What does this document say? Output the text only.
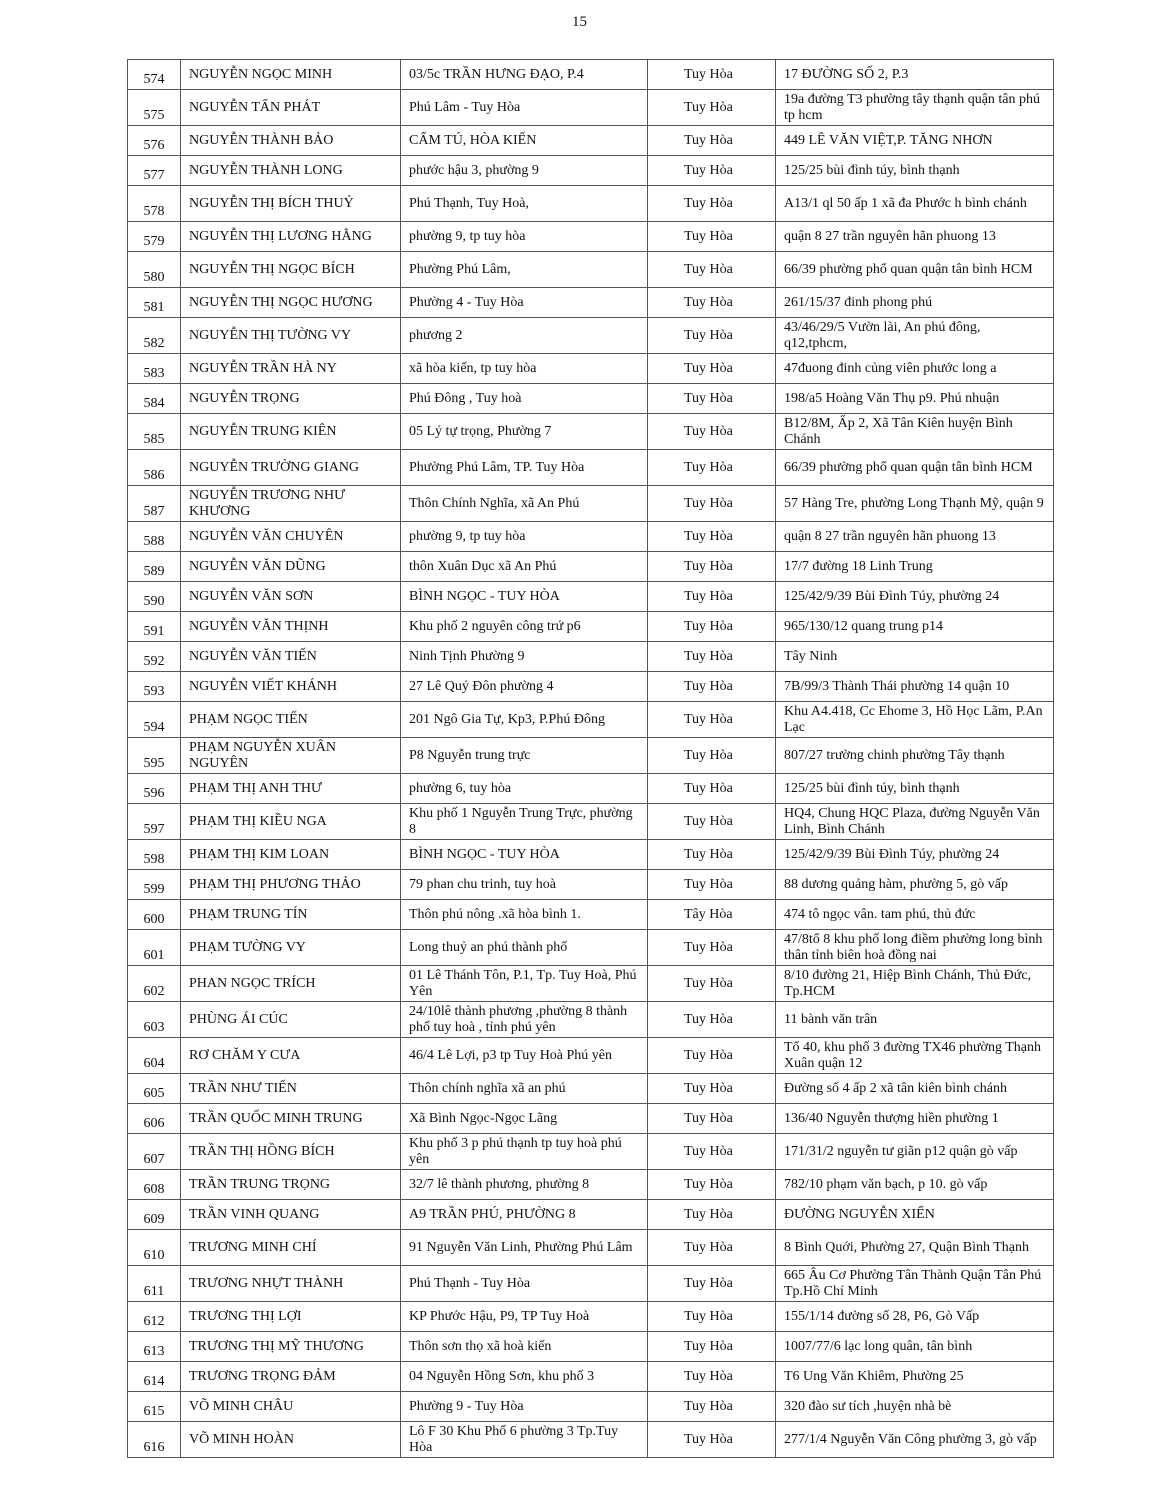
15
574	NGUYỄN NGỌC MINH	03/5c TRẦN HƯNG ĐẠO, P.4	Tuy Hòa	17 ĐƯỜNG SỐ 2, P.3
575	NGUYỄN TẤN PHÁT	Phú Lâm - Tuy Hòa	Tuy Hòa	19a đường T3 phường tây thạnh quận tân phú tp hcm
576	NGUYỄN THÀNH BẢO	CẨM TÚ, HÒA KIẾN	Tuy Hòa	449 LÊ VĂN VIỆT,P. TĂNG NHƠN
577	NGUYỄN THÀNH LONG	phước hậu 3, phường 9	Tuy Hòa	125/25 bùi đình túy, bình thạnh
578	NGUYỄN THỊ BÍCH THUỶ	Phú Thạnh, Tuy Hoà,	Tuy Hòa	A13/1 ql 50 ấp 1 xã đa Phước h bình chánh
579	NGUYỄN THỊ LƯƠNG HẰNG	phường 9, tp tuy hòa	Tuy Hòa	quận 8 27 trần nguyên hãn phuong 13
580	NGUYỄN THỊ NGỌC BÍCH	Phường Phú Lâm,	Tuy Hòa	66/39 phường phổ quan quận tân bình HCM
581	NGUYỄN THỊ NGỌC HƯƠNG	Phường 4 - Tuy Hòa	Tuy Hòa	261/15/37 đinh phong phú
582	NGUYỄN THỊ TƯỜNG VY	phương 2	Tuy Hòa	43/46/29/5 Vườn lài, An phú đông, q12,tphcm,
583	NGUYỄN TRẦN HÀ NY	xã hòa kiến, tp tuy hòa	Tuy Hòa	47đuong đinh củng viên phước long a
584	NGUYỄN TRỌNG	Phú Đông , Tuy hoà	Tuy Hòa	198/a5 Hoàng Văn Thụ p9. Phú nhuận
585	NGUYỄN TRUNG KIÊN	05 Lý tự trọng, Phường 7	Tuy Hòa	B12/8M, Ấp 2, Xã Tân Kiên huyện Bình Chánh
586	NGUYỄN TRƯỜNG GIANG	Phường Phú Lâm, TP. Tuy Hòa	Tuy Hòa	66/39 phường phổ quan quận tân bình HCM
587	NGUYỄN TRƯƠNG NHƯ KHƯƠNG	Thôn Chính Nghĩa, xã An Phú	Tuy Hòa	57 Hàng Tre, phường Long Thạnh Mỹ, quận 9
588	NGUYỄN VĂN CHUYÊN	phường 9, tp tuy hòa	Tuy Hòa	quận 8 27 trần nguyên hãn phuong 13
589	NGUYỄN VĂN DŨNG	thôn Xuân Dục xã An Phú	Tuy Hòa	17/7 đường 18 Linh Trung
590	NGUYỄN VĂN SƠN	BÌNH NGỌC - TUY HÒA	Tuy Hòa	125/42/9/39 Bùi Đình Túy, phường 24
591	NGUYỄN VĂN THỊNH	Khu phố 2 nguyên công trứ p6	Tuy Hòa	965/130/12 quang trung p14
592	NGUYỄN VĂN TIẾN	Ninh Tịnh Phường 9	Tuy Hòa	Tây Ninh
593	NGUYỄN VIẾT KHÁNH	27 Lê Quý Đôn phường 4	Tuy Hòa	7B/99/3 Thành Thái phường 14 quận 10
594	PHẠM NGỌC TIẾN	201 Ngô Gia Tự, Kp3, P.Phú Đông	Tuy Hòa	Khu A4.418, Cc Ehome 3, Hồ Học Lãm, P.An Lạc
595	PHẠM NGUYỄN XUÂN NGUYÊN	P8 Nguyễn trung trực	Tuy Hòa	807/27 trường chinh phường Tây thạnh
596	PHẠM THỊ ANH THƯ	phường 6, tuy hòa	Tuy Hòa	125/25 bùi đình túy, bình thạnh
597	PHẠM THỊ KIỀU NGA	Khu phố 1 Nguyễn Trung Trực, phường 8	Tuy Hòa	HQ4, Chung HQC Plaza, đường Nguyễn Văn Linh, Bình Chánh
598	PHẠM THỊ KIM LOAN	BÌNH NGỌC - TUY HÒA	Tuy Hòa	125/42/9/39 Bùi Đình Túy, phường 24
599	PHẠM THỊ PHƯƠNG THẢO	79 phan chu trinh, tuy hoà	Tuy Hòa	88 dương quảng hàm, phường 5, gò vấp
600	PHẠM TRUNG TÍN	Thôn phú nông .xã hòa bình 1.	Tây Hòa	474 tô ngọc vân. tam phú, thủ đức
601	PHẠM TƯỜNG VY	Long thuỷ an phú thành phố	Tuy Hòa	47/8tổ 8 khu phố long điềm phường long bình thân tỉnh biên hoà đồng nai
602	PHAN NGỌC TRÍCH	01 Lê Thánh Tôn, P.1, Tp. Tuy Hoà, Phú Yên	Tuy Hòa	8/10 đường 21, Hiệp Bình Chánh, Thủ Đức, Tp.HCM
603	PHÙNG ÁI CÚC	24/10lê thành phương ,phường 8 thành phố tuy hoà , tỉnh phú yên	Tuy Hòa	11 bành văn trân
604	RƠ CHĂM Y CƯA	46/4 Lê Lợi, p3 tp Tuy Hoà Phú yên	Tuy Hòa	Tổ 40, khu phố 3 đường TX46 phường Thạnh Xuân quận 12
605	TRẦN NHƯ TIẾN	Thôn chính nghĩa xã an phú	Tuy Hòa	Đường số 4 ấp 2 xã tân kiên bình chánh
606	TRẦN QUỐC MINH TRUNG	Xã Bình Ngọc-Ngọc Lãng	Tuy Hòa	136/40 Nguyễn thượng hiền phường 1
607	TRẦN THỊ HỒNG BÍCH	Khu phố 3 p phú thạnh tp tuy hoà phú yên	Tuy Hòa	171/31/2 nguyễn tư giãn p12 quận gò vấp
608	TRẦN TRUNG TRỌNG	32/7 lê thành phương, phường 8	Tuy Hòa	782/10 phạm văn bạch, p 10. gò vấp
609	TRẦN VINH QUANG	A9 TRẦN PHÚ, PHƯỜNG 8	Tuy Hòa	ĐƯỜNG NGUYỄN XIỂN
610	TRƯƠNG MINH CHÍ	91 Nguyễn Văn Linh, Phường Phú Lâm	Tuy Hòa	8 Bình Quới, Phường 27, Quận Bình Thạnh
611	TRƯƠNG NHỰT THÀNH	Phú Thạnh - Tuy Hòa	Tuy Hòa	665 Âu Cơ Phường Tân Thành Quận Tân Phú Tp.Hồ Chí Minh
612	TRƯƠNG THỊ LỢI	KP Phước Hậu, P9, TP Tuy Hoà	Tuy Hòa	155/1/14 đường số 28, P6, Gò Vấp
613	TRƯƠNG THỊ MỸ THƯƠNG	Thôn sơn thọ xã hoà kiến	Tuy Hòa	1007/77/6 lạc long quân, tân bình
614	TRƯƠNG TRỌNG ĐẢM	04 Nguyễn Hồng Sơn, khu phố 3	Tuy Hòa	T6 Ung Văn Khiêm, Phường 25
615	VÕ MINH CHÂU	Phường 9 - Tuy Hòa	Tuy Hòa	320 đào sư tích ,huyện nhà bè
616	VÕ MINH HOÀN	Lô F 30 Khu Phố 6 phường 3 Tp.Tuy Hòa	Tuy Hòa	277/1/4 Nguyễn Văn Công phường 3, gò vấp
